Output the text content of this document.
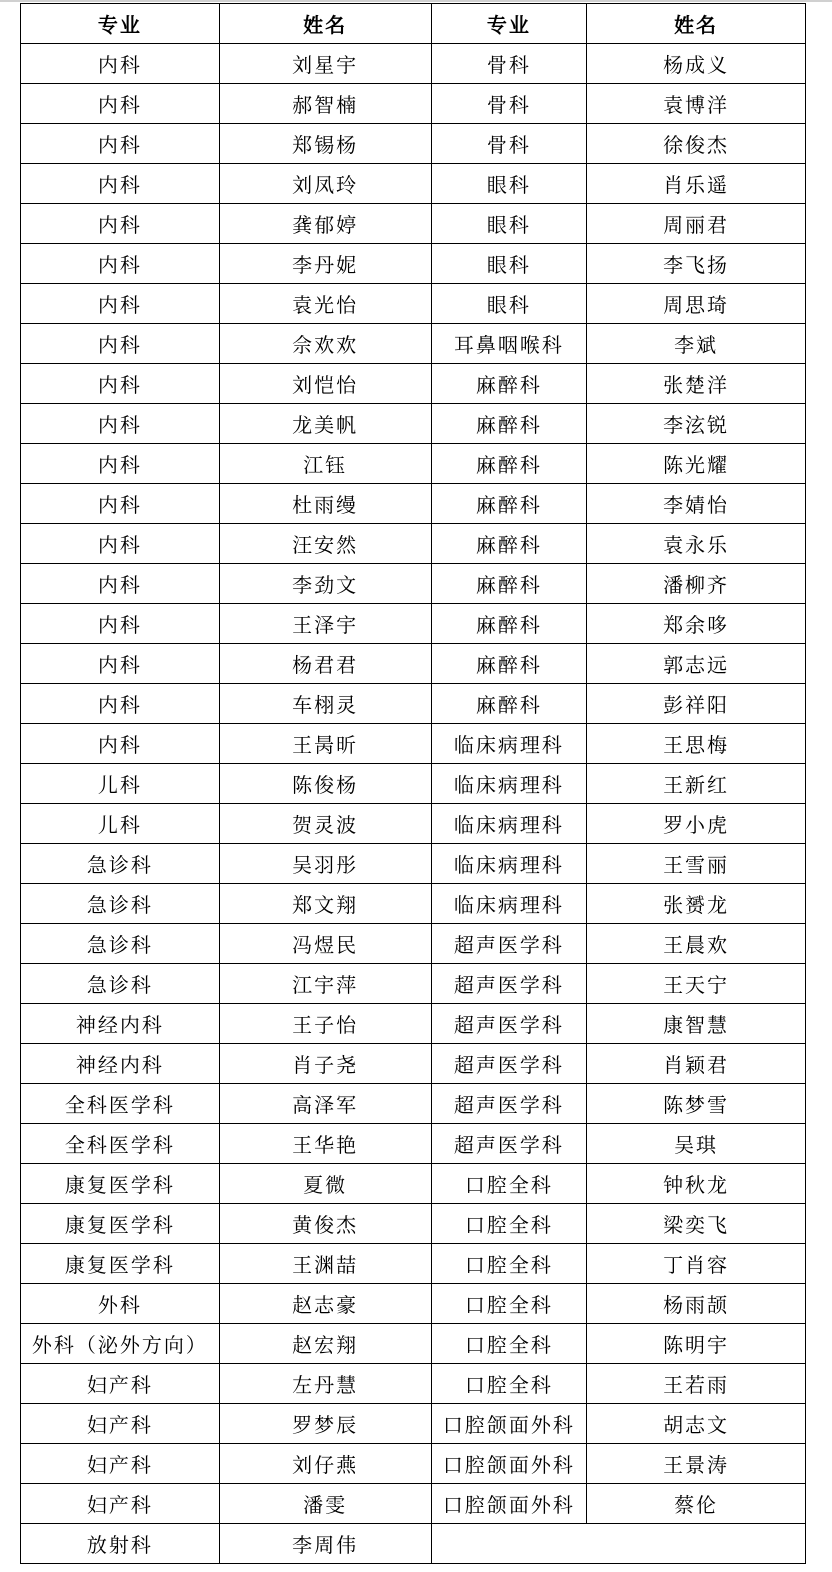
专业	姓名	专业	姓名
内科	刘星宇	骨科	杨成义
内科	郝智楠	骨科	袁博洋
内科	郑锡杨	骨科	徐俊杰
内科	刘凤玲	眼科	肖乐遥
内科	龚郁婷	眼科	周丽君
内科	李丹妮	眼科	李飞扬
内科	袁光怡	眼科	周思琦
内科	佘欢欢	耳鼻咽喉科	李斌
内科	刘恺怡	麻醉科	张楚洋
内科	龙美帆	麻醉科	李泫锐
内科	江钰	麻醉科	陈光耀
内科	杜雨缦	麻醉科	李婧怡
内科	汪安然	麻醉科	袁永乐
内科	李劲文	麻醉科	潘柳齐
内科	王泽宇	麻醉科	郑余哆
内科	杨君君	麻醉科	郭志远
内科	车栩灵	麻醉科	彭祥阳
内科	王昺昕	临床病理科	王思梅
儿科	陈俊杨	临床病理科	王新红
儿科	贺灵波	临床病理科	罗小虎
急诊科	吴羽彤	临床病理科	王雪丽
急诊科	郑文翔	临床病理科	张赟龙
急诊科	冯煜民	超声医学科	王晨欢
急诊科	江宇萍	超声医学科	王天宁
神经内科	王子怡	超声医学科	康智慧
神经内科	肖子尧	超声医学科	肖颖君
全科医学科	高泽军	超声医学科	陈梦雪
全科医学科	王华艳	超声医学科	吴琪
康复医学科	夏微	口腔全科	钟秋龙
康复医学科	黄俊杰	口腔全科	梁奕飞
康复医学科	王渊喆	口腔全科	丁肖容
外科	赵志豪	口腔全科	杨雨颉
外科（泌外方向）	赵宏翔	口腔全科	陈明宇
妇产科	左丹慧	口腔全科	王若雨
妇产科	罗梦辰	口腔颌面外科	胡志文
妇产科	刘仔燕	口腔颌面外科	王景涛
妇产科	潘雯	口腔颌面外科	蔡伦
放射科	李周伟		
